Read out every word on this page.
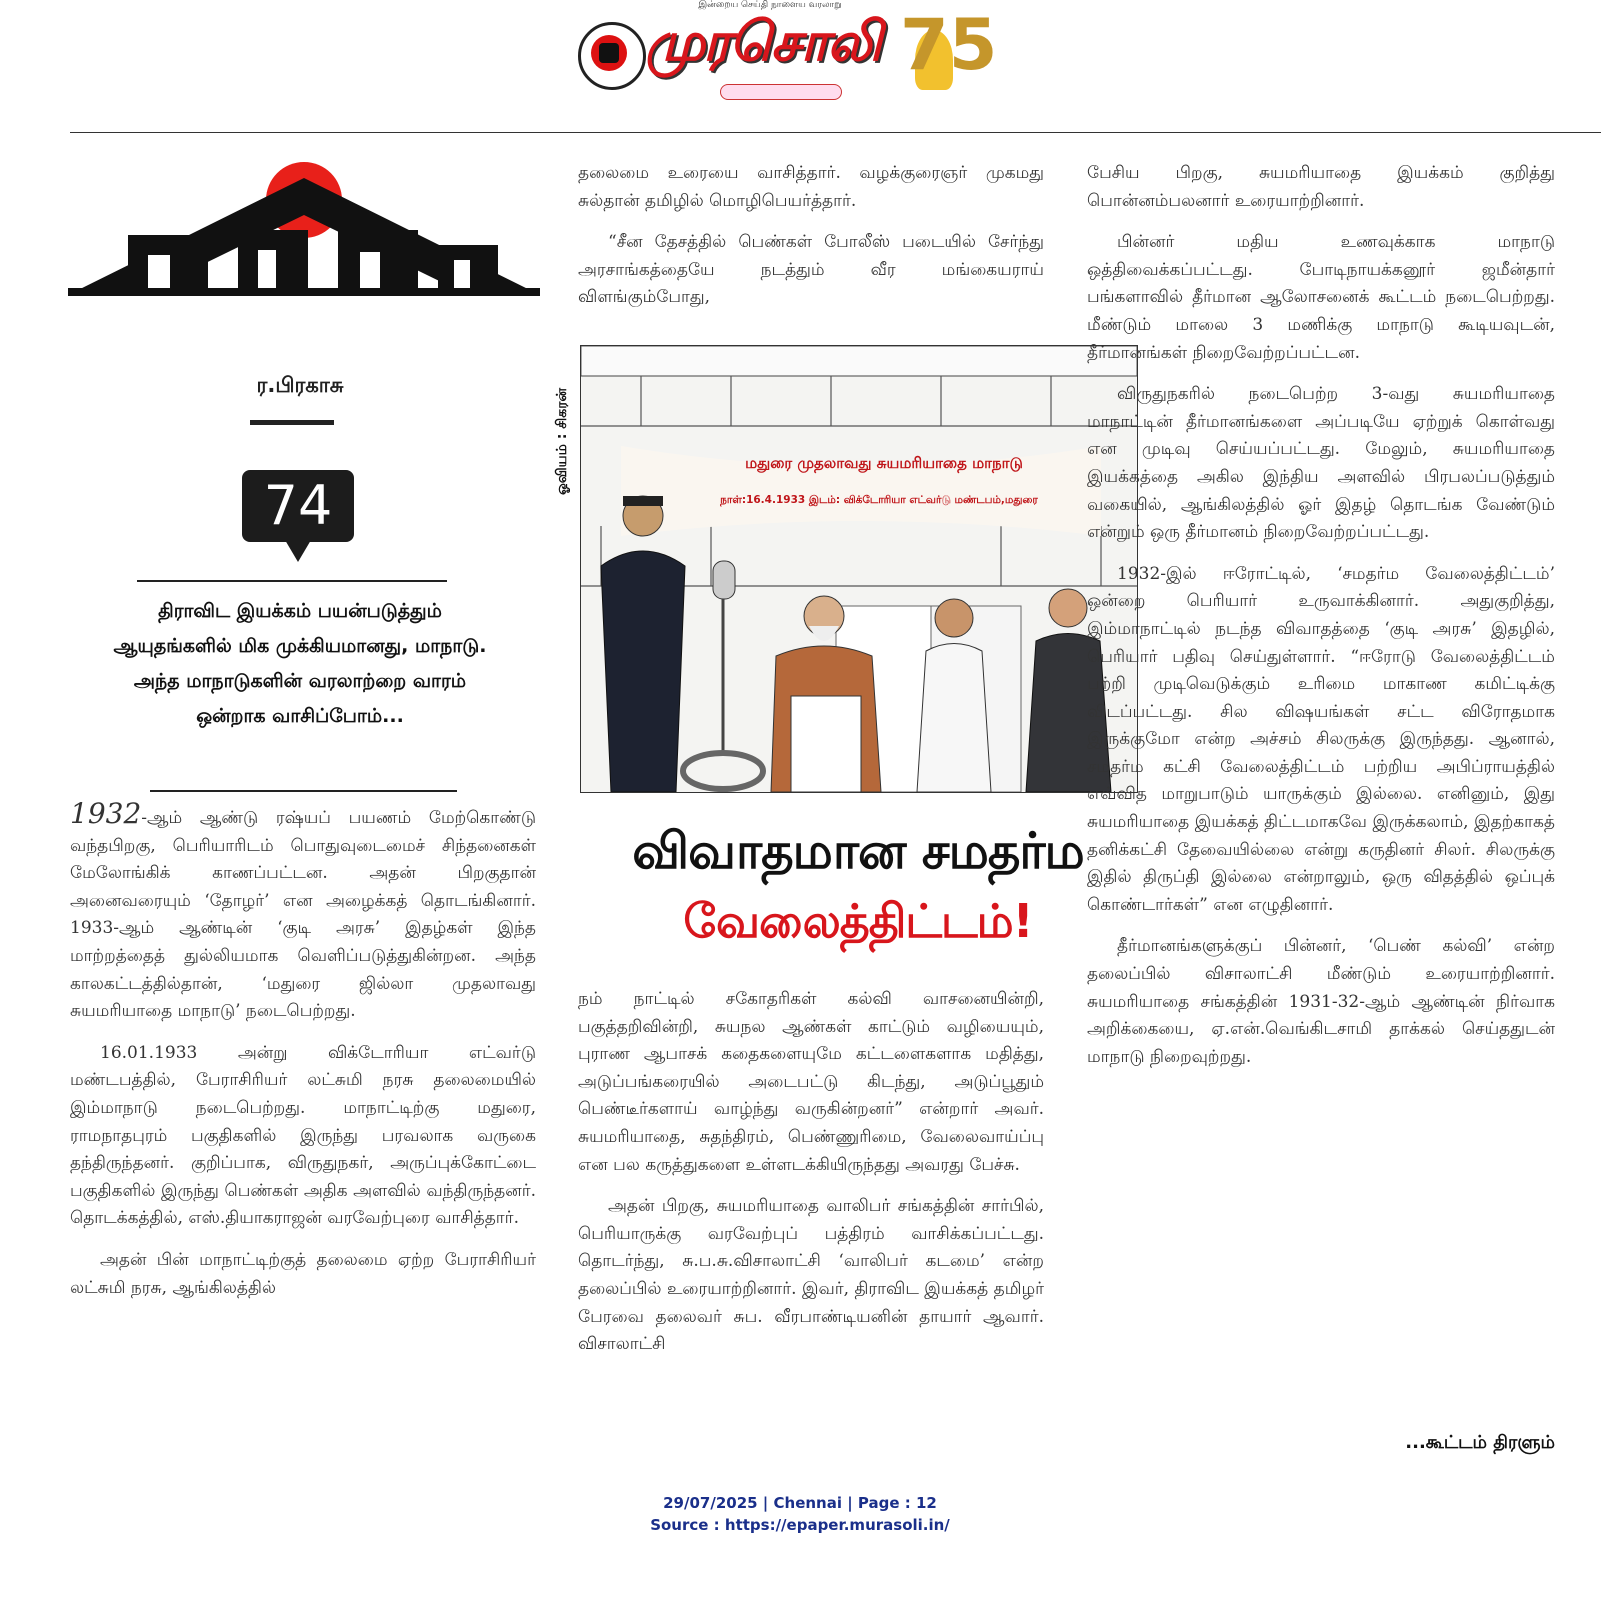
இன்றைய செய்தி நாளைய வரலாறு
முரசொலி 75
ர.பிரகாசு
74
திராவிட இயக்கம் பயன்படுத்தும் ஆயுதங்களில் மிக முக்கியமானது, மாநாடு. அந்த மாநாடுகளின் வரலாற்றை வாரம் ஒன்றாக வாசிப்போம்...

1932-ஆம் ஆண்டு ரஷ்யப் பயணம் மேற்கொண்டு வந்தபிறகு, பெரியாரிடம் பொதுவுடைமைச் சிந்தனைகள் மேலோங்கிக் காணப்பட்டன. அதன் பிறகுதான் அனைவரையும் ‘தோழர்’ என அழைக்கத் தொடங்கினார். 1933-ஆம் ஆண்டின் ‘குடி அரசு’ இதழ்கள் இந்த மாற்றத்தைத் துல்லியமாக வெளிப்படுத்துகின்றன. அந்த காலகட்டத்தில்தான், ‘மதுரை ஜில்லா முதலாவது சுயமரியாதை மாநாடு’ நடைபெற்றது.

16.01.1933 அன்று விக்டோரியா எட்வர்டு மண்டபத்தில், பேராசிரியர் லட்சுமி நரசு தலைமையில் இம்மாநாடு நடைபெற்றது. மாநாட்டிற்கு மதுரை, ராமநாதபுரம் பகுதிகளில் இருந்து பரவலாக வருகை தந்திருந்தனர். குறிப்பாக, விருதுநகர், அருப்புக்கோட்டை பகுதிகளில் இருந்து பெண்கள் அதிக அளவில் வந்திருந்தனர். தொடக்கத்தில், எஸ்.தியாகராஜன் வரவேற்புரை வாசித்தார்.

அதன் பின் மாநாட்டிற்குத் தலைமை ஏற்ற பேராசிரியர் லட்சுமி நரசு, ஆங்கிலத்தில்

தலைமை உரையை வாசித்தார். வழக்குரைஞர் முகமது சுல்தான் தமிழில் மொழிபெயர்த்தார்.

“சீன தேசத்தில் பெண்கள் போலீஸ் படையில் சேர்ந்து அரசாங்கத்தையே நடத்தும் வீர மங்கையராய் விளங்கும்போது,

ஓவியம் : சிகரன்	மதுரை முதலாவது சுயமரியாதை மாநாடு
நாள்:16.4.1933 இடம்: விக்டோரியா எட்வர்டு மண்டபம்,மதுரை
விவாதமான சமதர்ம
வேலைத்திட்டம்!

நம் நாட்டில் சகோதரிகள் கல்வி வாசனையின்றி, பகுத்தறிவின்றி, சுயநல ஆண்கள் காட்டும் வழியையும், புராண ஆபாசக் கதைகளையுமே கட்டளைகளாக மதித்து, அடுப்பங்கரையில் அடைபட்டு கிடந்து, அடுப்பூதும் பெண்டீர்களாய் வாழ்ந்து வருகின்றனர்” என்றார் அவர். சுயமரியாதை, சுதந்திரம், பெண்ணுரிமை, வேலைவாய்ப்பு என பல கருத்துகளை உள்ளடக்கியிருந்தது அவரது பேச்சு.

அதன் பிறகு, சுயமரியாதை வாலிபர் சங்கத்தின் சார்பில், பெரியாருக்கு வரவேற்புப் பத்திரம் வாசிக்கப்பட்டது. தொடர்ந்து, சு.ப.சு.விசாலாட்சி ‘வாலிபர் கடமை’ என்ற தலைப்பில் உரையாற்றினார். இவர், திராவிட இயக்கத் தமிழர் பேரவை தலைவர் சுப. வீரபாண்டியனின் தாயார் ஆவார். விசாலாட்சி

பேசிய பிறகு, சுயமரியாதை இயக்கம் குறித்து பொன்னம்பலனார் உரையாற்றினார்.

பின்னர் மதிய உணவுக்காக மாநாடு ஒத்திவைக்கப்பட்டது. போடிநாயக்கனூர் ஜமீன்தார் பங்களாவில் தீர்மான ஆலோசனைக் கூட்டம் நடைபெற்றது. மீண்டும் மாலை 3 மணிக்கு மாநாடு கூடியவுடன், தீர்மானங்கள் நிறைவேற்றப்பட்டன.

விருதுநகரில் நடைபெற்ற 3-வது சுயமரியாதை மாநாட்டின் தீர்மானங்களை அப்படியே ஏற்றுக் கொள்வது என முடிவு செய்யப்பட்டது. மேலும், சுயமரியாதை இயக்கத்தை அகில இந்திய அளவில் பிரபலப்படுத்தும் வகையில், ஆங்கிலத்தில் ஓர் இதழ் தொடங்க வேண்டும் என்றும் ஒரு தீர்மானம் நிறைவேற்றப்பட்டது.

1932-இல் ஈரோட்டில், ‘சமதர்ம வேலைத்திட்டம்’ ஒன்றை பெரியார் உருவாக்கினார். அதுகுறித்து, இம்மாநாட்டில் நடந்த விவாதத்தை ‘குடி அரசு’ இதழில், பெரியார் பதிவு செய்துள்ளார். “ஈரோடு வேலைத்திட்டம் பற்றி முடிவெடுக்கும் உரிமை மாகாண கமிட்டிக்கு விடப்பட்டது. சில விஷயங்கள் சட்ட விரோதமாக இருக்குமோ என்ற அச்சம் சிலருக்கு இருந்தது. ஆனால், சமதர்ம கட்சி வேலைத்திட்டம் பற்றிய அபிப்ராயத்தில் எவ்வித மாறுபாடும் யாருக்கும் இல்லை. எனினும், இது சுயமரியாதை இயக்கத் திட்டமாகவே இருக்கலாம், இதற்காகத் தனிக்கட்சி தேவையில்லை என்று கருதினர் சிலர். சிலருக்கு இதில் திருப்தி இல்லை என்றாலும், ஒரு விதத்தில் ஒப்புக் கொண்டார்கள்” என எழுதினார்.

தீர்மானங்களுக்குப் பின்னர், ‘பெண் கல்வி’ என்ற தலைப்பில் விசாலாட்சி மீண்டும் உரையாற்றினார். சுயமரியாதை சங்கத்தின் 1931-32-ஆம் ஆண்டின் நிர்வாக அறிக்கையை, ஏ.என்.வெங்கிடசாமி தாக்கல் செய்ததுடன் மாநாடு நிறைவுற்றது.

...கூட்டம் திரளும்
29/07/2025 | Chennai | Page : 12
Source : https://epaper.murasoli.in/
